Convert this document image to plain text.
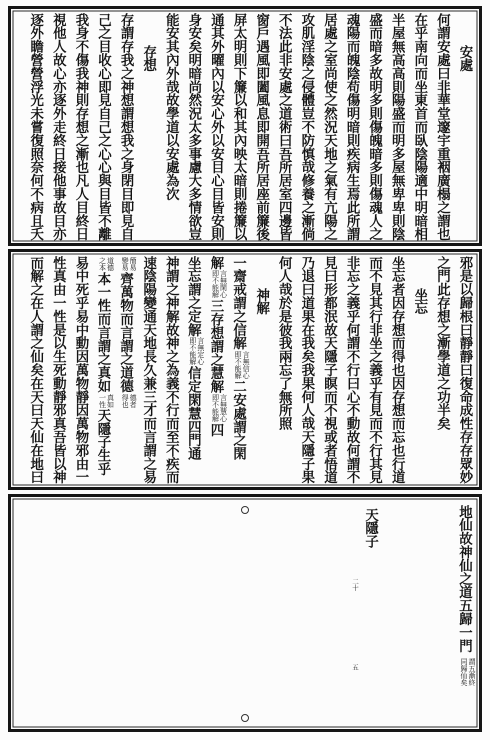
安處
何謂安處曰非華堂邃宇重裀廣榻之謂也
在乎南向而坐東首而臥陰陽適中明暗相
半屋無高高則陽盛而明多屋無卑卑則陰
盛而暗多故明多則傷魄暗多則傷魂人之
魂陽而魄陰苟傷明暗則疾病生焉此所謂
居處之室尚使之然況天地之氣有亢陽之
攻肌淫陰之侵體豈不防慎哉修養之漸倘
不法此非安處之道術曰吾所居室四邊皆
窗戶遇風即闔風息即開吾所居座前簾後
屏太明則下簾以和其內映太暗則捲簾以
通其外曜內以安心外以安目心目皆安則
身安矣明暗尚然況太多事慮大多情欲豈
能安其內外哉故學道以安處為次
存想
存謂存我之神想謂想我之身閉目即見自
己之目收心即見自己之心心與目皆不離
我身不傷我神則存想之漸也凡人目終日
視他人故心亦逐外走終日接他事故目亦
逐外瞻營營浮光未嘗復照奈何不病且夭
邪是以歸根曰靜靜曰復命成性存存眾妙
之門此存想之漸學道之功半矣
坐忘
坐忘者因存想而得也因存想而忘也行道
而不見其行非坐之義乎有見而不行其見
非忘之義乎何謂不行曰心不動故何謂不
見曰形都泯故天隱子瞑而不視或者悟道
乃退曰道果在我矣我果何人哉天隱子果
何人哉於是彼我兩忘了無所照
神解
一齋戒謂之信解
言無信心
即不能解
二安處謂之閑
解
言無閑心
即不能解
三存想謂之慧解
言無慧心
即不能解
四
坐忘謂之定解
言無定心
即不能解
信定閑慧四門通
神謂之神解故神之為義不行而至不疾而
速陰陽變通天地長久兼三才而言謂之易
簡易
變易
齊萬物而言謂之道德
德者
得也
道德
之本
本一性而言謂之真如
真如
一性
天隱子生乎
易中死乎易中動因萬物靜因萬物邪由一
性真由一性是以生死動靜邪真吾皆以神
而解之在人謂之仙矣在天曰天仙在地曰
地仙故神仙之道五歸一門
謂五漸終
同歸仙矣
天隱子
二十
五
